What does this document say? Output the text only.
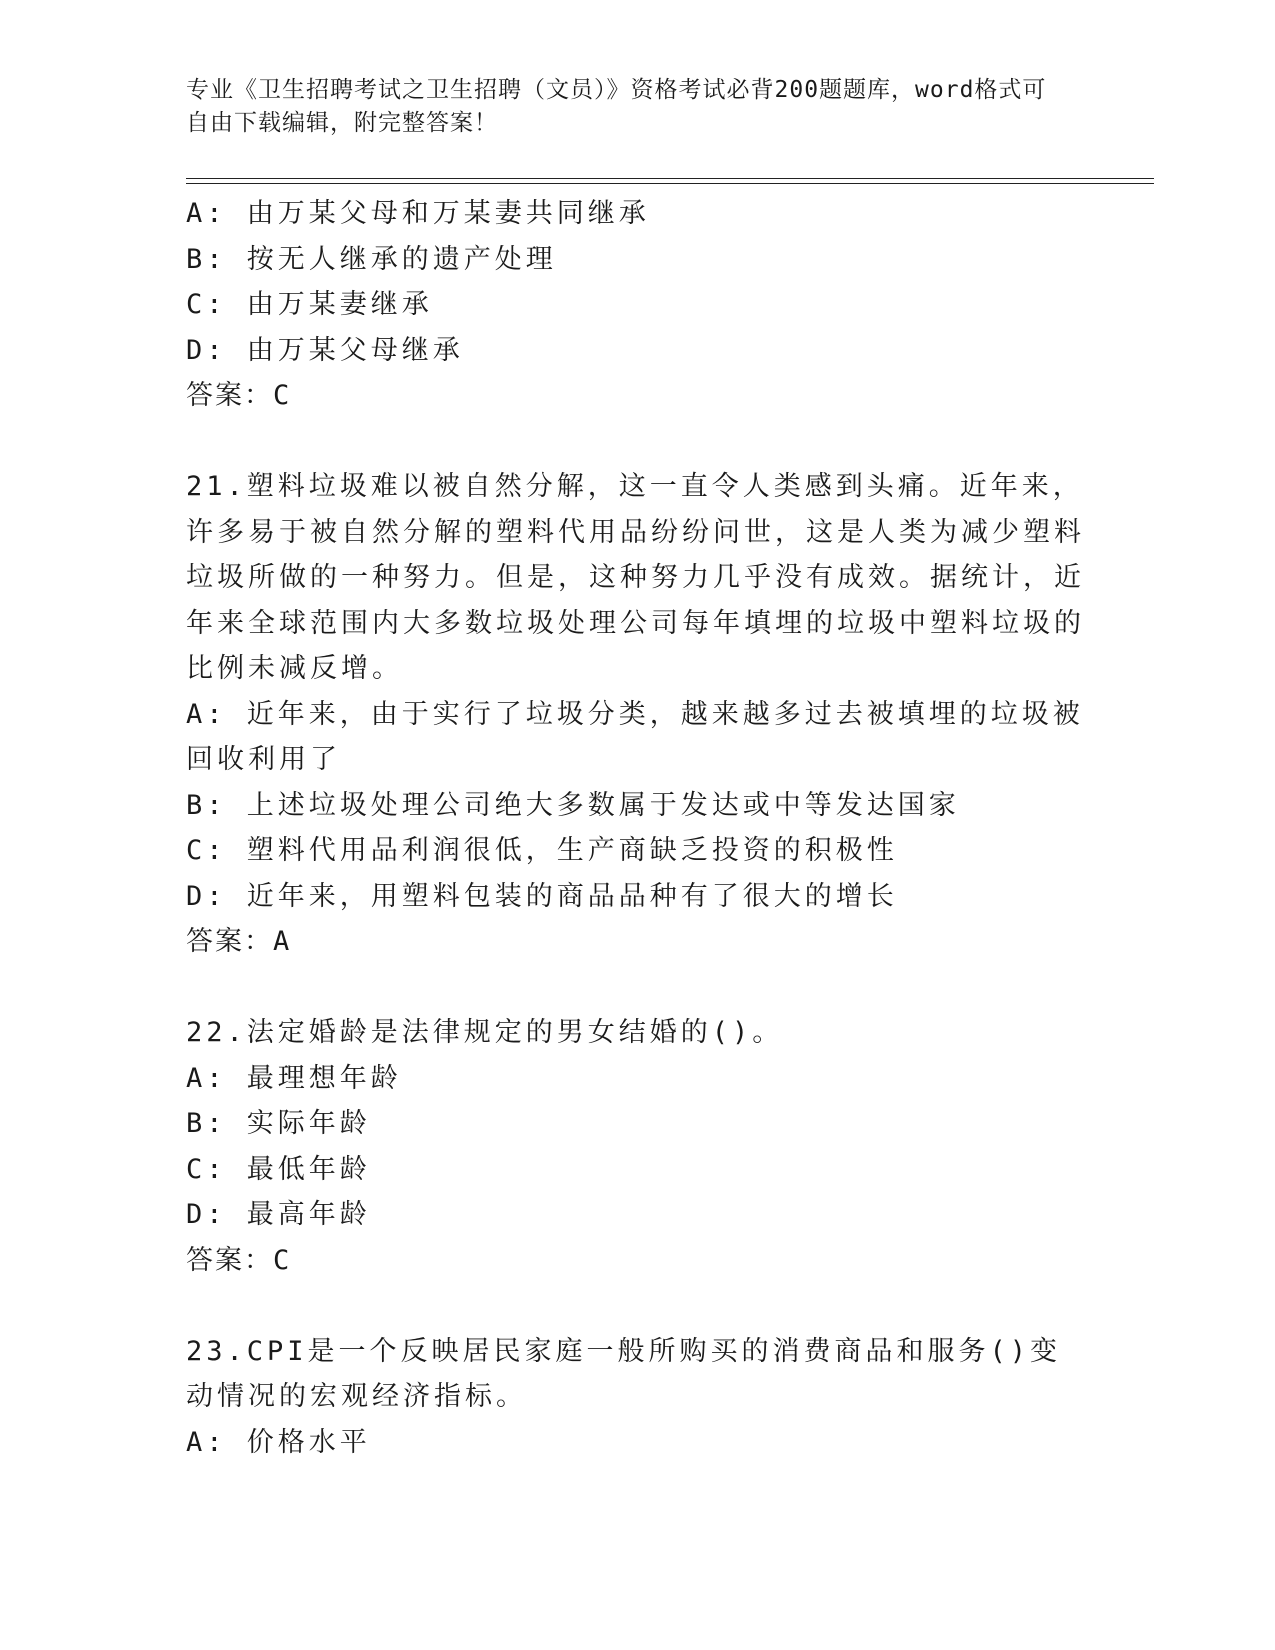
专业《卫生招聘考试之卫生招聘（文员）》资格考试必背200题题库，word格式可自由下载编辑，附完整答案！

A: 由万某父母和万某妻共同继承

B: 按无人继承的遗产处理

C: 由万某妻继承

D: 由万某父母继承

答案：C

21.塑料垃圾难以被自然分解，这一直令人类感到头痛。近年来，许多易于被自然分解的塑料代用品纷纷问世，这是人类为减少塑料垃圾所做的一种努力。但是，这种努力几乎没有成效。据统计，近年来全球范围内大多数垃圾处理公司每年填埋的垃圾中塑料垃圾的比例未减反增。

A: 近年来，由于实行了垃圾分类，越来越多过去被填埋的垃圾被回收利用了

B: 上述垃圾处理公司绝大多数属于发达或中等发达国家

C: 塑料代用品利润很低，生产商缺乏投资的积极性

D: 近年来，用塑料包装的商品品种有了很大的增长

答案：A

22.法定婚龄是法律规定的男女结婚的()。

A: 最理想年龄

B: 实际年龄

C: 最低年龄

D: 最高年龄

答案：C

23.CPI是一个反映居民家庭一般所购买的消费商品和服务()变动情况的宏观经济指标。

A: 价格水平
